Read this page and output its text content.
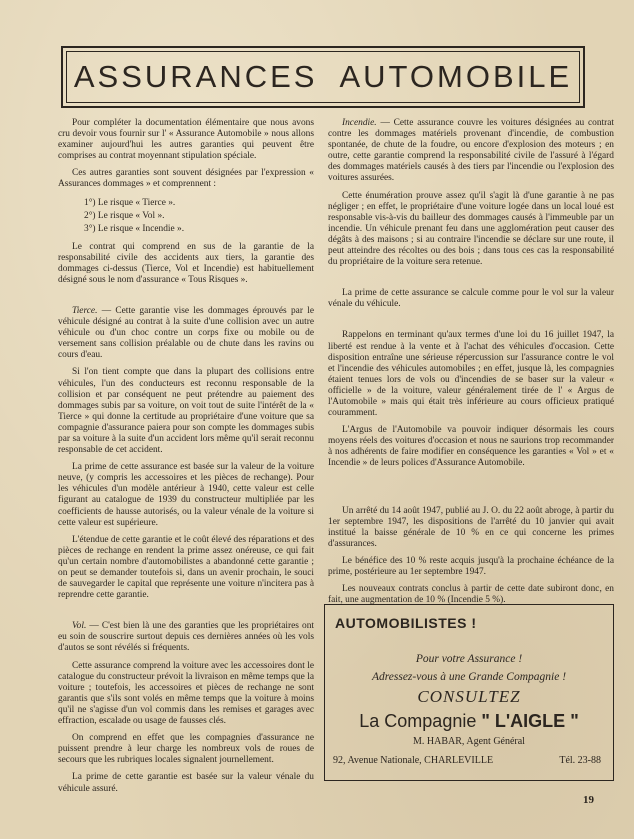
ASSURANCES AUTOMOBILE

Pour compléter la documentation élémentaire que nous avons cru devoir vous fournir sur l' « Assurance Automobile » nous allons examiner aujourd'hui les autres garanties qui peuvent être comprises au contrat moyennant stipulation spéciale.

Ces autres garanties sont souvent désignées par l'expression « Assurances dommages » et comprennent :

1°) Le risque « Tierce ».
2°) Le risque « Vol ».
3°) Le risque « Incendie ».

Le contrat qui comprend en sus de la garantie de la responsabilité civile des accidents aux tiers, la garantie des dommages ci-dessus (Tierce, Vol et Incendie) est habituellement désigné sous le nom d'assurance « Tous Risques ».

Tierce. — Cette garantie vise les dommages éprouvés par le véhicule désigné au contrat à la suite d'une collision avec un autre véhicule ou d'un choc contre un corps fixe ou mobile ou de versement sans collision préalable ou de chute dans les ravins ou cours d'eau.

Si l'on tient compte que dans la plupart des collisions entre véhicules, l'un des conducteurs est reconnu responsable de la collision et par conséquent ne peut prétendre au paiement des dommages subis par sa voiture, on voit tout de suite l'intérêt de la « Tierce » qui donne la certitude au propriétaire d'une voiture que sa compagnie d'assurance paiera pour son compte les dommages subis par sa voiture à la suite d'un accident lors même qu'il serait reconnu responsable de cet accident.

La prime de cette assurance est basée sur la valeur de la voiture neuve, (y compris les accessoires et les pièces de rechange). Pour les véhicules d'un modèle antérieur à 1940, cette valeur est celle figurant au catalogue de 1939 du constructeur multipliée par les coefficients de hausse autorisés, ou la valeur vénale de la voiture si cette valeur est supérieure.

L'étendue de cette garantie et le coût élevé des réparations et des pièces de rechange en rendent la prime assez onéreuse, ce qui fait qu'un certain nombre d'automobilistes a abandonné cette garantie ; on peut se demander toutefois si, dans un avenir prochain, le souci de sauvegarder le capital que représente une voiture n'incitera pas à reprendre cette garantie.

Vol. — C'est bien là une des garanties que les propriétaires ont eu soin de souscrire surtout depuis ces dernières années où les vols d'autos se sont révélés si fréquents.

Cette assurance comprend la voiture avec les accessoires dont le catalogue du constructeur prévoit la livraison en même temps que la voiture ; toutefois, les accessoires et pièces de rechange ne sont garantis que s'ils sont volés en même temps que la voiture à moins qu'il ne s'agisse d'un vol commis dans les remises et garages avec effraction, escalade ou usage de fausses clés.

On comprend en effet que les compagnies d'assurance ne puissent prendre à leur charge les nombreux vols de roues de secours que les rubriques locales signalent journellement.

La prime de cette garantie est basée sur la valeur vénale du véhicule assuré.

Incendie. — Cette assurance couvre les voitures désignées au contrat contre les dommages matériels provenant d'incendie, de combustion spontanée, de chute de la foudre, ou encore d'explosion des moteurs ; en outre, cette garantie comprend la responsabilité civile de l'assuré à l'égard des dommages matériels causés à des tiers par l'incendie ou l'explosion des voitures assurées.

Cette énumération prouve assez qu'il s'agit là d'une garantie à ne pas négliger ; en effet, le propriétaire d'une voiture logée dans un local loué est responsable vis-à-vis du bailleur des dommages causés à l'immeuble par un incendie. Un véhicule prenant feu dans une agglomération peut causer des dégâts à des maisons ; si au contraire l'incendie se déclare sur une route, il peut atteindre des récoltes ou des bois ; dans tous ces cas la responsabilité du propriétaire de la voiture sera retenue.

La prime de cette assurance se calcule comme pour le vol sur la valeur vénale du véhicule.

Rappelons en terminant qu'aux termes d'une loi du 16 juillet 1947, la liberté est rendue à la vente et à l'achat des véhicules d'occasion. Cette disposition entraîne une sérieuse répercussion sur l'assurance contre le vol et l'incendie des véhicules automobiles ; en effet, jusque là, les compagnies étaient tenues lors de vols ou d'incendies de se baser sur la valeur « officielle » de la voiture, valeur généralement tirée de l' « Argus de l'Automobile » mais qui était très inférieure au cours officieux pratiqué couramment.

L'Argus de l'Automobile va pouvoir indiquer désormais les cours moyens réels des voitures d'occasion et nous ne saurions trop recommander à nos adhérents de faire modifier en conséquence les garanties « Vol » et « Incendie » de leurs polices d'Assurance Automobile.

Un arrêté du 14 août 1947, publié au J. O. du 22 août abroge, à partir du 1er septembre 1947, les dispositions de l'arrêté du 10 janvier qui avait institué la baisse générale de 10 % en ce qui concerne les primes d'assurances.

Le bénéfice des 10 % reste acquis jusqu'à la prochaine échéance de la prime, postérieure au 1er septembre 1947.

Les nouveaux contrats conclus à partir de cette date subiront donc, en fait, une augmentation de 10 % (Incendie 5 %).

AUTOMOBILISTES !
Pour votre Assurance !
Adressez-vous à une Grande Compagnie !
CONSULTEZ
La Compagnie " L'AIGLE "
M. HABAR, Agent Général
92, Avenue Nationale, CHARLEVILLE	Tél. 23-88
19
